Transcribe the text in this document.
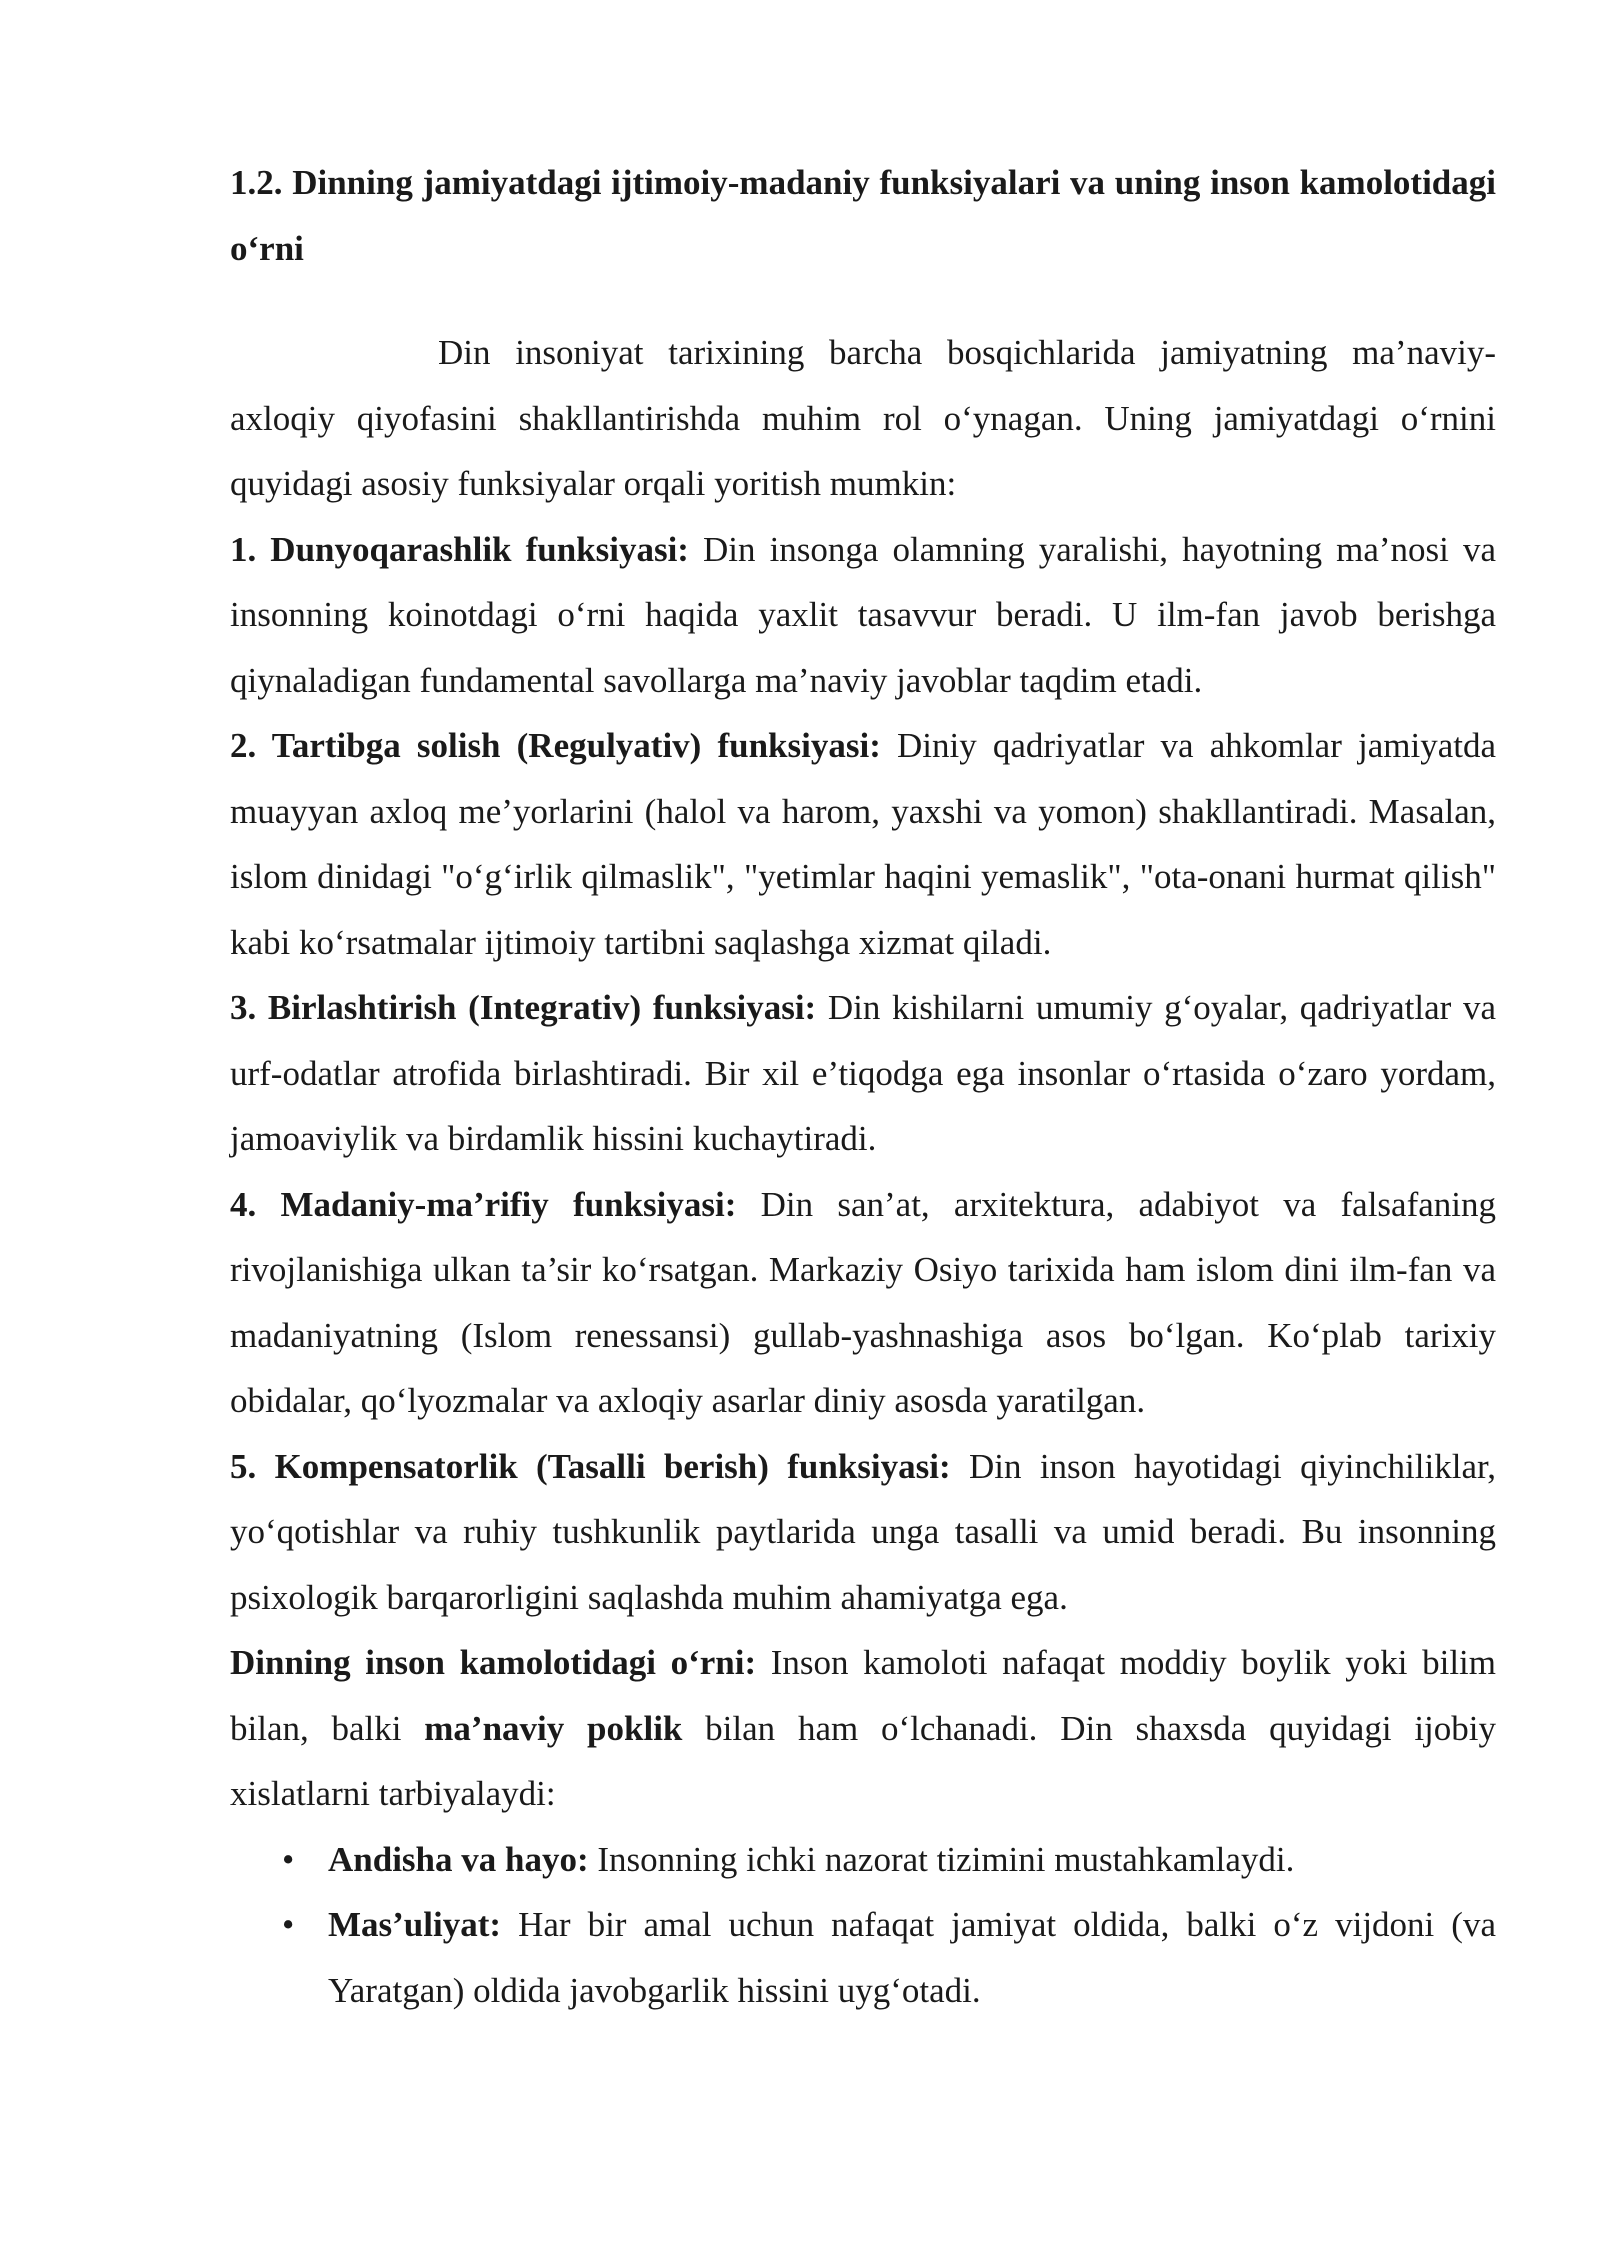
1.2. Dinning jamiyatdagi ijtimoiy-madaniy funksiyalari va uning inson kamolotidagi o‘rni

Din insoniyat tarixining barcha bosqichlarida jamiyatning ma’naviy-axloqiy qiyofasini shakllantirishda muhim rol o‘ynagan. Uning jamiyatdagi o‘rnini quyidagi asosiy funksiyalar orqali yoritish mumkin:

1. Dunyoqarashlik funksiyasi: Din insonga olamning yaralishi, hayotning ma’nosi va insonning koinotdagi o‘rni haqida yaxlit tasavvur beradi. U ilm-fan javob berishga qiynaladigan fundamental savollarga ma’naviy javoblar taqdim etadi.

2. Tartibga solish (Regulyativ) funksiyasi: Diniy qadriyatlar va ahkomlar jamiyatda muayyan axloq me’yorlarini (halol va harom, yaxshi va yomon) shakllantiradi. Masalan, islom dinidagi "o‘g‘irlik qilmaslik", "yetimlar haqini yemaslik", "ota-onani hurmat qilish" kabi ko‘rsatmalar ijtimoiy tartibni saqlashga xizmat qiladi.

3. Birlashtirish (Integrativ) funksiyasi: Din kishilarni umumiy g‘oyalar, qadriyatlar va urf-odatlar atrofida birlashtiradi. Bir xil e’tiqodga ega insonlar o‘rtasida o‘zaro yordam, jamoaviylik va birdamlik hissini kuchaytiradi.

4. Madaniy-ma’rifiy funksiyasi: Din san’at, arxitektura, adabiyot va falsafaning rivojlanishiga ulkan ta’sir ko‘rsatgan. Markaziy Osiyo tarixida ham islom dini ilm-fan va madaniyatning (Islom renessansi) gullab-yashnashiga asos bo‘lgan. Ko‘plab tarixiy obidalar, qo‘lyozmalar va axloqiy asarlar diniy asosda yaratilgan.

5. Kompensatorlik (Tasalli berish) funksiyasi: Din inson hayotidagi qiyinchiliklar, yo‘qotishlar va ruhiy tushkunlik paytlarida unga tasalli va umid beradi. Bu insonning psixologik barqarorligini saqlashda muhim ahamiyatga ega.

Dinning inson kamolotidagi o‘rni: Inson kamoloti nafaqat moddiy boylik yoki bilim bilan, balki ma’naviy poklik bilan ham o‘lchanadi. Din shaxsda quyidagi ijobiy xislatlarni tarbiyalaydi:

• Andisha va hayo: Insonning ichki nazorat tizimini mustahkamlaydi.
• Mas’uliyat: Har bir amal uchun nafaqat jamiyat oldida, balki o‘z vijdoni (va Yaratgan) oldida javobgarlik hissini uyg‘otadi.
